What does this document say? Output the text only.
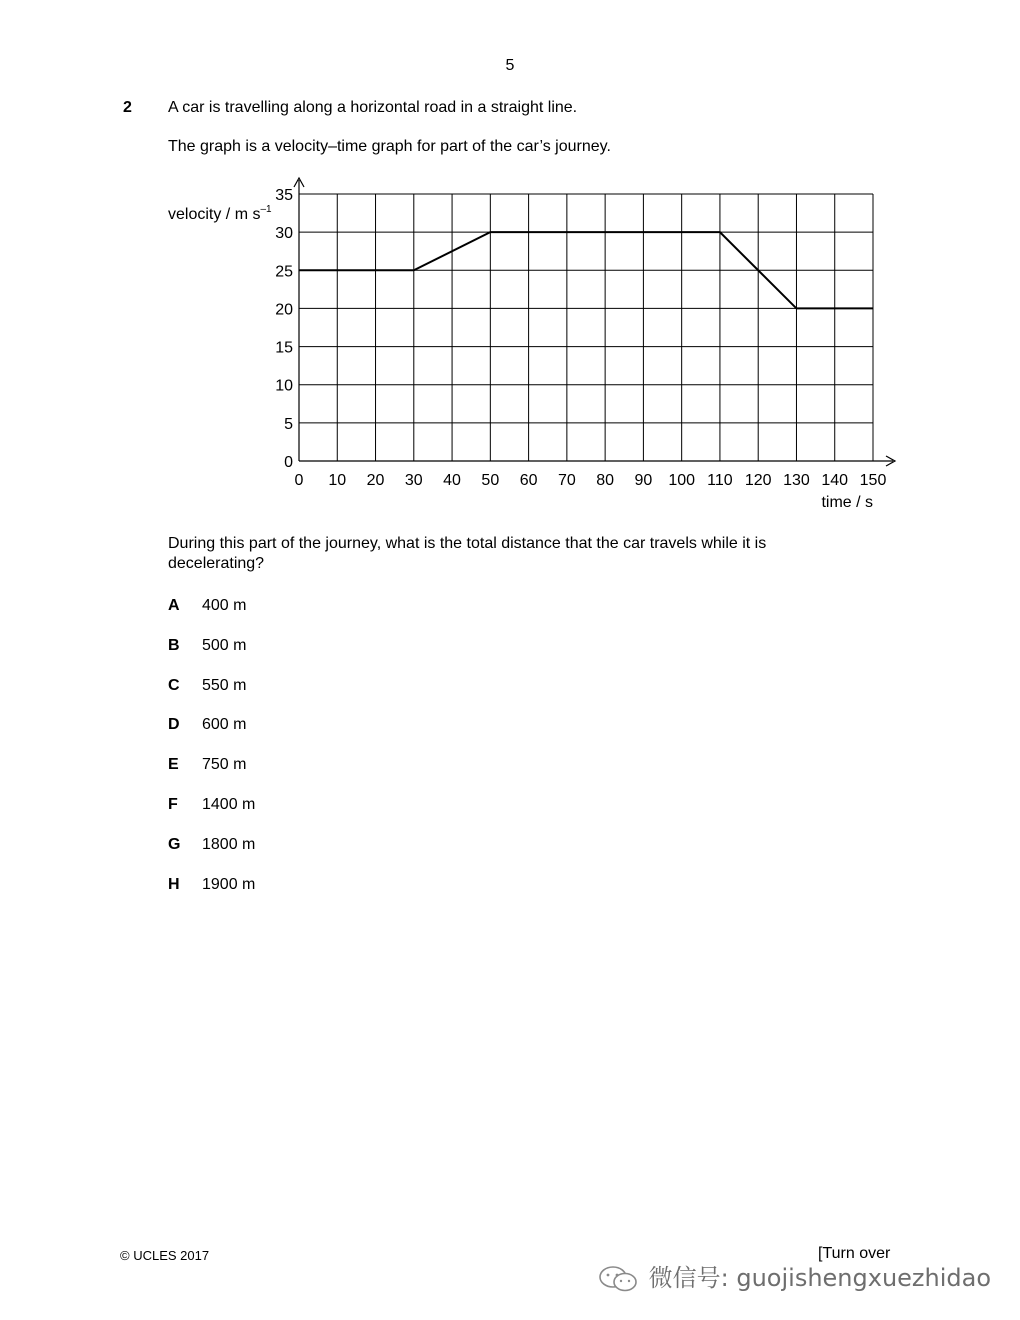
5
2 A car is travelling along a horizontal road in a straight line.
The graph is a velocity–time graph for part of the car’s journey.
0 10 20 30 40 50 60 70 80 90 100 110 120 130 140 150
0
5
10
15
20
25
30
35
velocity / m $s^{-1}$
time / s
During this part of the journey, what is the total distance that the car travels while it is decelerating?
A 400 m
B 500 m
C 550 m
D 600 m
E 750 m
F 1400 m
G 1800 m
H 1900 m
© UCLES 2017	[Turn over
微信号: guojishengxuezhidao
